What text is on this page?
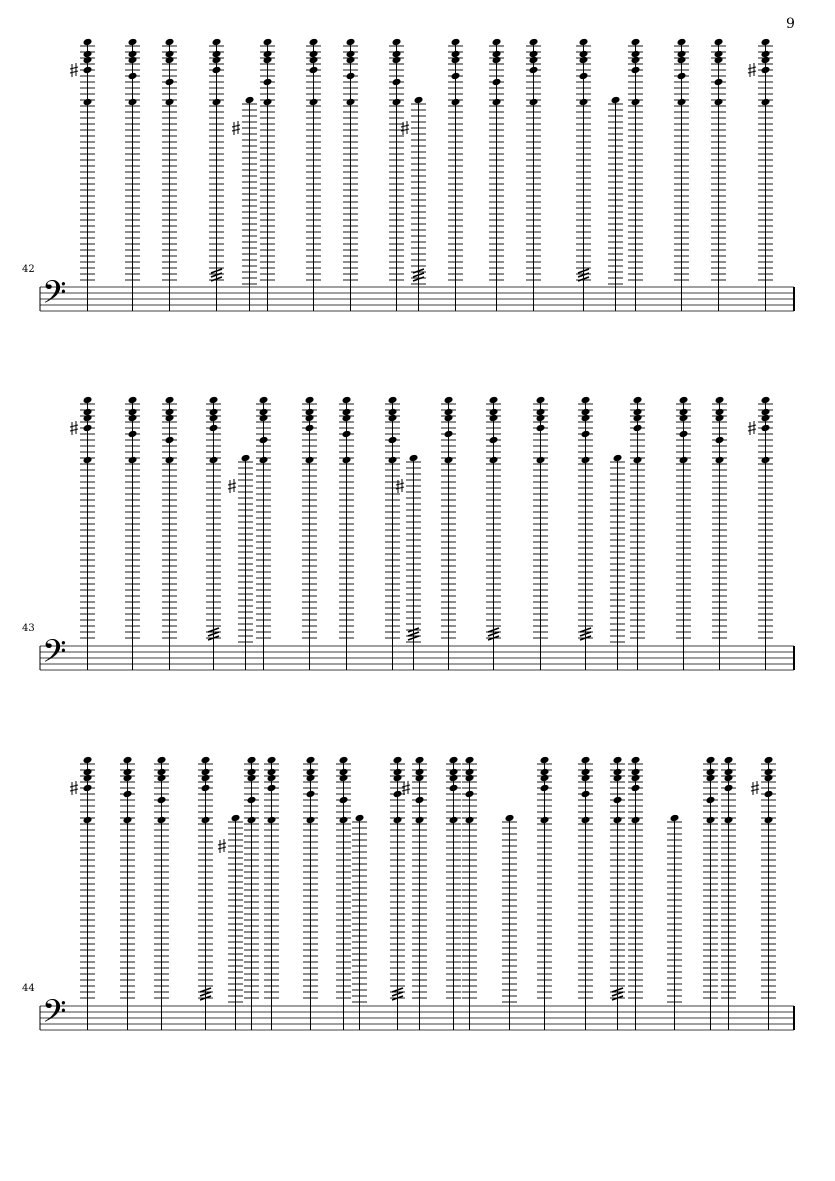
9
42
𝄢
43
𝄢
44
𝄢
